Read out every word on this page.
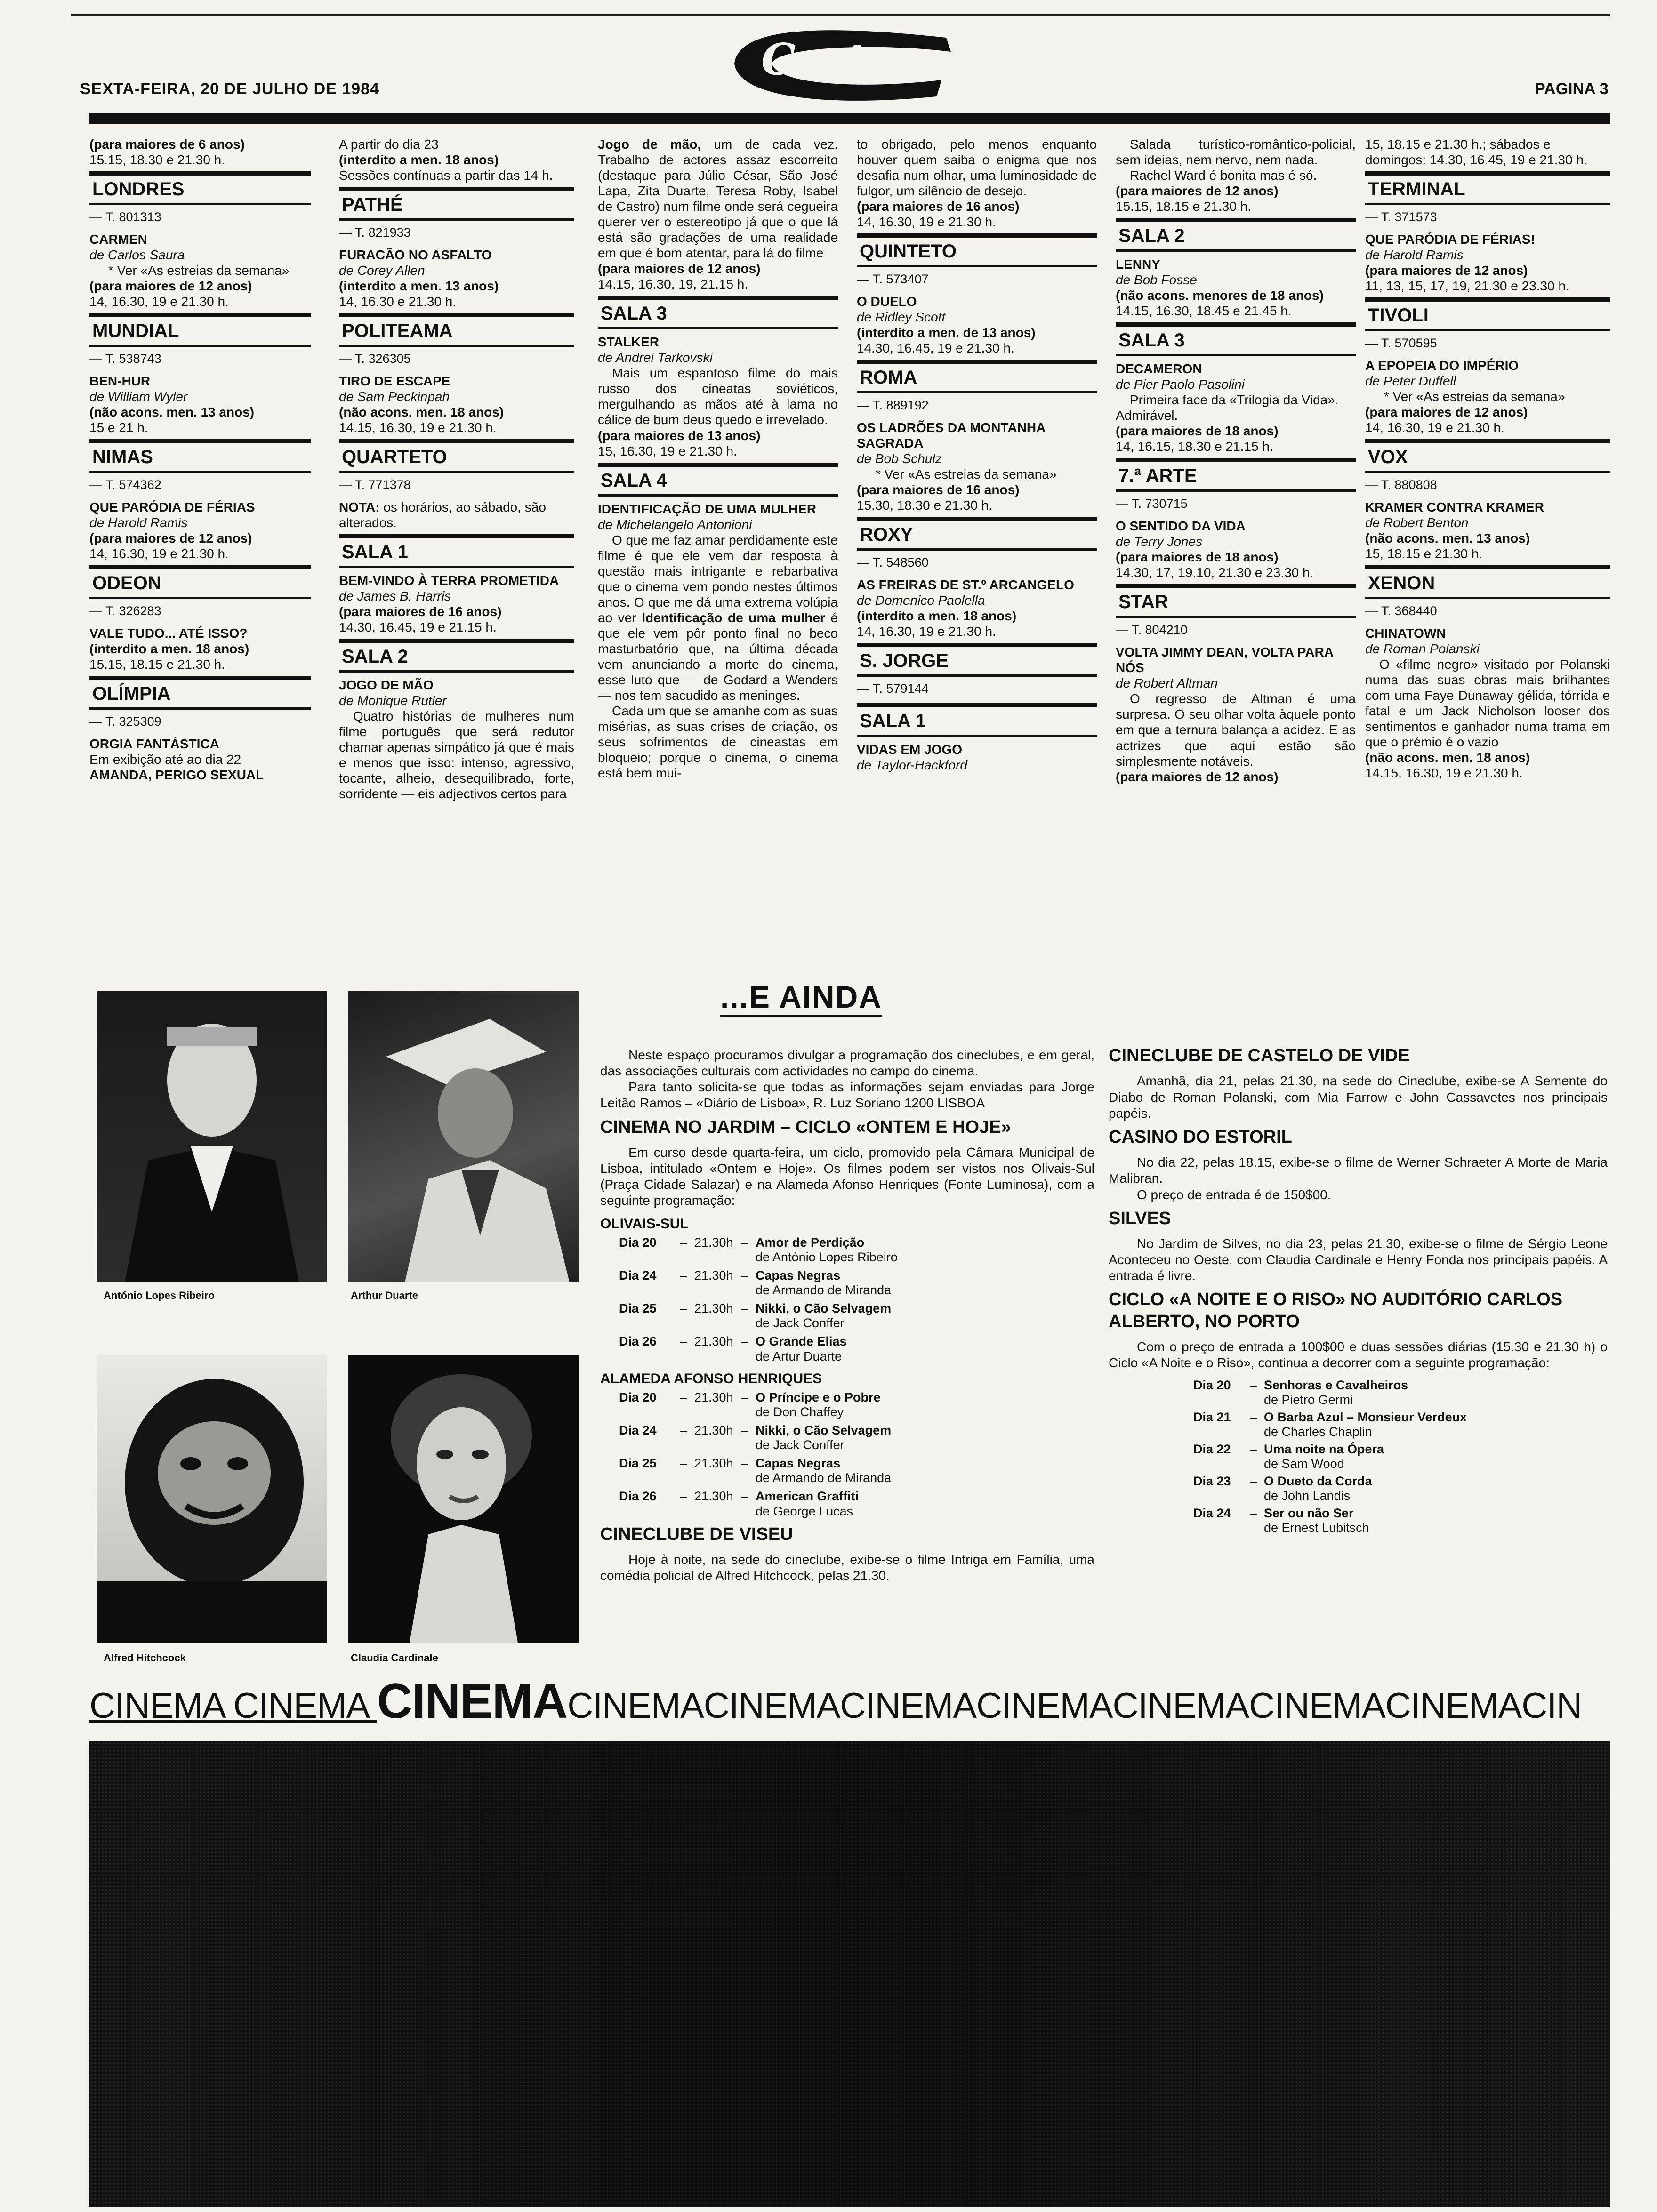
SEXTA-FEIRA, 20 DE JULHO DE 1984
Cartaz
PAGINA 3

(para maiores de 6 anos)

15.15, 18.30 e 21.30 h.

LONDRES

— T. 801313

CARMEN

de Carlos Saura

* Ver «As estreias da semana»

(para maiores de 12 anos)

14, 16.30, 19 e 21.30 h.

MUNDIAL

— T. 538743

BEN-HUR

de William Wyler

(não acons. men. 13 anos)

15 e 21 h.

NIMAS

— T. 574362

QUE PARÓDIA DE FÉRIAS

de Harold Ramis

(para maiores de 12 anos)

14, 16.30, 19 e 21.30 h.

ODEON

— T. 326283

VALE TUDO... ATÉ ISSO?

(interdito a men. 18 anos)

15.15, 18.15 e 21.30 h.

OLÍMPIA

— T. 325309

ORGIA FANTÁSTICA

Em exibição até ao dia 22

AMANDA, PERIGO SEXUAL

A partir do dia 23

(interdito a men. 18 anos)

Sessões contínuas a partir das 14 h.

PATHÉ

— T. 821933

FURACÃO NO ASFALTO

de Corey Allen

(interdito a men. 13 anos)

14, 16.30 e 21.30 h.

POLITEAMA

— T. 326305

TIRO DE ESCAPE

de Sam Peckinpah

(não acons. men. 18 anos)

14.15, 16.30, 19 e 21.30 h.

QUARTETO

— T. 771378

NOTA: os horários, ao sábado, são alterados.

SALA 1

BEM-VINDO À TERRA PROMETIDA

de James B. Harris

(para maiores de 16 anos)

14.30, 16.45, 19 e 21.15 h.

SALA 2

JOGO DE MÃO

de Monique Rutler

Quatro histórias de mulheres num filme português que será redutor chamar apenas simpático já que é mais e menos que isso: intenso, agressivo, tocante, alheio, desequilibrado, forte, sorridente — eis adjectivos certos para

Jogo de mão, um de cada vez. Trabalho de actores assaz escorreito (destaque para Júlio César, São José Lapa, Zita Duarte, Teresa Roby, Isabel de Castro) num filme onde será cegueira querer ver o estereotipo já que o que lá está são gradações de uma realidade em que é bom atentar, para lá do filme

(para maiores de 12 anos)

14.15, 16.30, 19, 21.15 h.

SALA 3

STALKER

de Andrei Tarkovski

Mais um espantoso filme do mais russo dos cineatas soviéticos, mergulhando as mãos até à lama no cálice de bum deus quedo e irrevelado.

(para maiores de 13 anos)

15, 16.30, 19 e 21.30 h.

SALA 4

IDENTIFICAÇÃO DE UMA MULHER

de Michelangelo Antonioni

O que me faz amar perdidamente este filme é que ele vem dar resposta à questão mais intrigante e rebarbativa que o cinema vem pondo nestes últimos anos. O que me dá uma extrema volúpia ao ver Identificação de uma mulher é que ele vem pôr ponto final no beco masturbatório que, na última década vem anunciando a morte do cinema, esse luto que — de Godard a Wenders — nos tem sacudido as meninges.

Cada um que se amanhe com as suas misérias, as suas crises de criação, os seus sofrimentos de cineastas em bloqueio; porque o cinema, o cinema está bem mui-

to obrigado, pelo menos enquanto houver quem saiba o enigma que nos desafia num olhar, uma luminosidade de fulgor, um silêncio de desejo.

(para maiores de 16 anos)

14, 16.30, 19 e 21.30 h.

QUINTETO

— T. 573407

O DUELO

de Ridley Scott

(interdito a men. de 13 anos)

14.30, 16.45, 19 e 21.30 h.

ROMA

— T. 889192

OS LADRÕES DA MONTANHA SAGRADA

de Bob Schulz

* Ver «As estreias da semana»

(para maiores de 16 anos)

15.30, 18.30 e 21.30 h.

ROXY

— T. 548560

AS FREIRAS DE ST.º ARCANGELO

de Domenico Paolella

(interdito a men. 18 anos)

14, 16.30, 19 e 21.30 h.

S. JORGE

— T. 579144

SALA 1

VIDAS EM JOGO

de Taylor-Hackford

Salada turístico-romântico-policial, sem ideias, nem nervo, nem nada.

Rachel Ward é bonita mas é só.

(para maiores de 12 anos)

15.15, 18.15 e 21.30 h.

SALA 2

LENNY

de Bob Fosse

(não acons. menores de 18 anos)

14.15, 16.30, 18.45 e 21.45 h.

SALA 3

DECAMERON

de Pier Paolo Pasolini

Primeira face da «Trilogia da Vida». Admirável.

(para maiores de 18 anos)

14, 16.15, 18.30 e 21.15 h.

7.ª ARTE

— T. 730715

O SENTIDO DA VIDA

de Terry Jones

(para maiores de 18 anos)

14.30, 17, 19.10, 21.30 e 23.30 h.

STAR

— T. 804210

VOLTA JIMMY DEAN, VOLTA PARA NÓS

de Robert Altman

O regresso de Altman é uma surpresa. O seu olhar volta àquele ponto em que a ternura balança a acidez. E as actrizes que aqui estão são simplesmente notáveis.

(para maiores de 12 anos)

15, 18.15 e 21.30 h.; sábados e domingos: 14.30, 16.45, 19 e 21.30 h.

TERMINAL

— T. 371573

QUE PARÓDIA DE FÉRIAS!

de Harold Ramis

(para maiores de 12 anos)

11, 13, 15, 17, 19, 21.30 e 23.30 h.

TIVOLI

— T. 570595

A EPOPEIA DO IMPÉRIO

de Peter Duffell

* Ver «As estreias da semana»

(para maiores de 12 anos)

14, 16.30, 19 e 21.30 h.

VOX

— T. 880808

KRAMER CONTRA KRAMER

de Robert Benton

(não acons. men. 13 anos)

15, 18.15 e 21.30 h.

XENON

— T. 368440

CHINATOWN

de Roman Polanski

O «filme negro» visitado por Polanski numa das suas obras mais brilhantes com uma Faye Dunaway gélida, tórrida e fatal e um Jack Nicholson looser dos sentimentos e ganhador numa trama em que o prémio é o vazio

(não acons. men. 18 anos)

14.15, 16.30, 19 e 21.30 h.

António Lopes Ribeiro	Arthur Duarte
Alfred Hitchcock	Claudia Cardinale
...E AINDA

Neste espaço procuramos divulgar a programação dos cineclubes, e em geral, das associações culturais com actividades no campo do cinema.

Para tanto solicita-se que todas as informações sejam enviadas para Jorge Leitão Ramos – «Diário de Lisboa», R. Luz Soriano 1200 LISBOA

CINEMA NO JARDIM – CICLO «ONTEM E HOJE»

Em curso desde quarta-feira, um ciclo, promovido pela Câmara Municipal de Lisboa, intitulado «Ontem e Hoje». Os filmes podem ser vistos nos Olivais-Sul (Praça Cidade Salazar) e na Alameda Afonso Henriques (Fonte Luminosa), com a seguinte programação:

OLIVAIS-SUL
Dia 20	– 21.30h – Amor de Perdição
de António Lopes Ribeiro
Dia 24	– 21.30h – Capas Negras
de Armando de Miranda
Dia 25	– 21.30h – Nikki, o Cão Selvagem
de Jack Conffer
Dia 26	– 21.30h – O Grande Elias
de Artur Duarte
ALAMEDA AFONSO HENRIQUES
Dia 20	– 21.30h – O Príncipe e o Pobre
de Don Chaffey
Dia 24	– 21.30h – Nikki, o Cão Selvagem
de Jack Conffer
Dia 25	– 21.30h – Capas Negras
de Armando de Miranda
Dia 26	– 21.30h – American Graffiti
de George Lucas
CINECLUBE DE VISEU

Hoje à noite, na sede do cineclube, exibe-se o filme Intriga em Família, uma comédia policial de Alfred Hitchcock, pelas 21.30.

CINECLUBE DE CASTELO DE VIDE

Amanhã, dia 21, pelas 21.30, na sede do Cineclube, exibe-se A Semente do Diabo de Roman Polanski, com Mia Farrow e John Cassavetes nos principais papéis.

CASINO DO ESTORIL

No dia 22, pelas 18.15, exibe-se o filme de Werner Schraeter A Morte de Maria Malibran.

O preço de entrada é de 150$00.

SILVES

No Jardim de Silves, no dia 23, pelas 21.30, exibe-se o filme de Sérgio Leone Aconteceu no Oeste, com Claudia Cardinale e Henry Fonda nos principais papéis. A entrada é livre.

CICLO «A NOITE E O RISO» NO AUDITÓRIO CARLOS ALBERTO, NO PORTO

Com o preço de entrada a 100$00 e duas sessões diárias (15.30 e 21.30 h) o Ciclo «A Noite e o Riso», continua a decorrer com a seguinte programação:

Dia 20	– Senhoras e Cavalheiros
de Pietro Germi
Dia 21	– O Barba Azul – Monsieur Verdeux
de Charles Chaplin
Dia 22	– Uma noite na Ópera
de Sam Wood
Dia 23	– O Dueto da Corda
de John Landis
Dia 24	– Ser ou não Ser
de Ernest Lubitsch
CINEMA CINEMA CINEMACINEMACINEMACINEMACINEMACINEMACINEMACINEMACIN
